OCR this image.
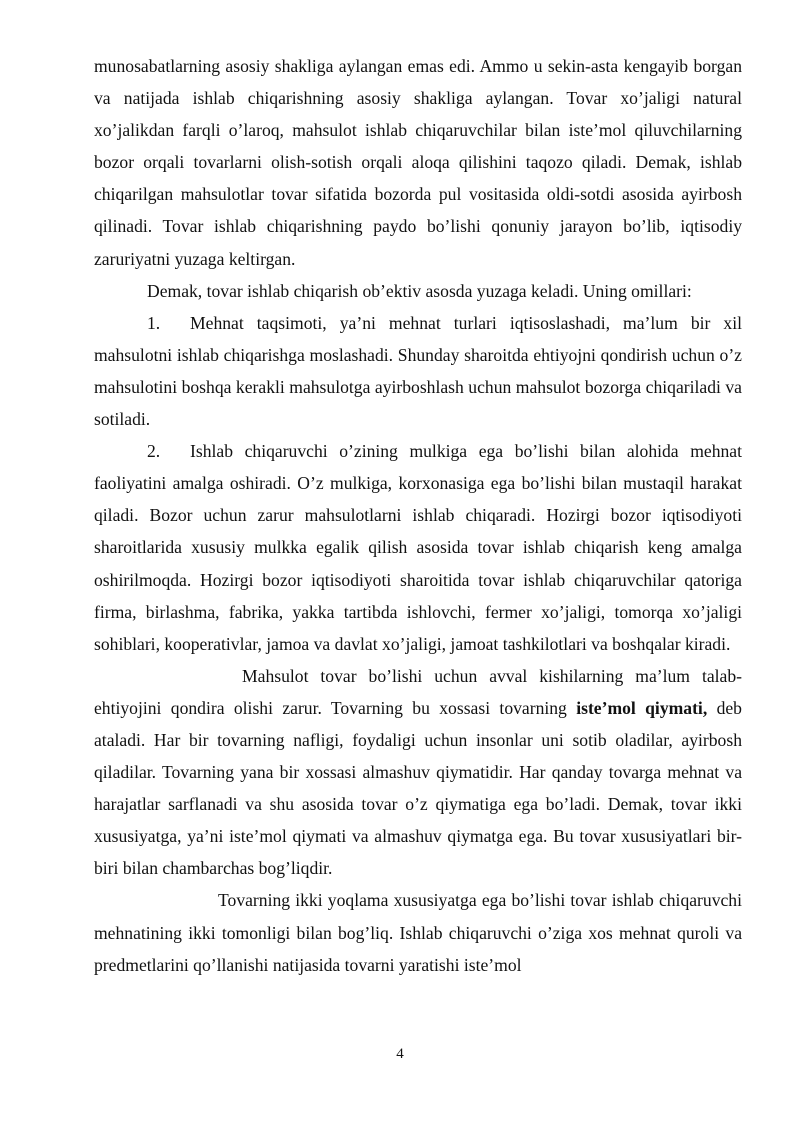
munosabatlarning asosiy shakliga aylangan emas edi. Ammo u sekin-asta kengayib borgan va natijada ishlab chiqarishning asosiy shakliga aylangan. Tovar xo’jaligi natural xo’jalikdan farqli o’laroq, mahsulot ishlab chiqaruvchilar bilan iste’mol qiluvchilarning bozor orqali tovarlarni olish-sotish orqali aloqa qilishini taqozo qiladi. Demak, ishlab chiqarilgan mahsulotlar tovar sifatida bozorda pul vositasida oldi-sotdi asosida ayirbosh qilinadi. Tovar ishlab chiqarishning paydo bo’lishi qonuniy jarayon bo’lib, iqtisodiy zaruriyatni yuzaga keltirgan.

Demak, tovar ishlab chiqarish ob’ektiv asosda yuzaga keladi. Uning omillari:

1. Mehnat taqsimoti, ya’ni mehnat turlari iqtisoslashadi, ma’lum bir xil mahsulotni ishlab chiqarishga moslashadi. Shunday sharoitda ehtiyojni qondirish uchun o’z mahsulotini boshqa kerakli mahsulotga ayirboshlash uchun mahsulot bozorga chiqariladi va sotiladi.

2. Ishlab chiqaruvchi o’zining mulkiga ega bo’lishi bilan alohida mehnat faoliyatini amalga oshiradi. O’z mulkiga, korxonasiga ega bo’lishi bilan mustaqil harakat qiladi. Bozor uchun zarur mahsulotlarni ishlab chiqaradi. Hozirgi bozor iqtisodiyoti sharoitlarida xususiy mulkka egalik qilish asosida tovar ishlab chiqarish keng amalga oshirilmoqda. Hozirgi bozor iqtisodiyoti sharoitida tovar ishlab chiqaruvchilar qatoriga firma, birlashma, fabrika, yakka tartibda ishlovchi, fermer xo’jaligi, tomorqa xo’jaligi sohiblari, kooperativlar, jamoa va davlat xo’jaligi, jamoat tashkilotlari va boshqalar kiradi.

Mahsulot tovar bo’lishi uchun avval kishilarning ma’lum talab-ehtiyojini qondira olishi zarur. Tovarning bu xossasi tovarning iste’mol qiymati, deb ataladi. Har bir tovarning nafligi, foydaligi uchun insonlar uni sotib oladilar, ayirbosh qiladilar. Tovarning yana bir xossasi almashuv qiymatidir. Har qanday tovarga mehnat va harajatlar sarflanadi va shu asosida tovar o’z qiymatiga ega bo’ladi. Demak, tovar ikki xususiyatga, ya’ni iste’mol qiymati va almashuv qiymatga ega. Bu tovar xususiyatlari bir-biri bilan chambarchas bog’liqdir.

Tovarning ikki yoqlama xususiyatga ega bo’lishi tovar ishlab chiqaruvchi mehnatining ikki tomonligi bilan bog’liq. Ishlab chiqaruvchi o’ziga xos mehnat quroli va predmetlarini qo’llanishi natijasida tovarni yaratishi iste’mol

4
